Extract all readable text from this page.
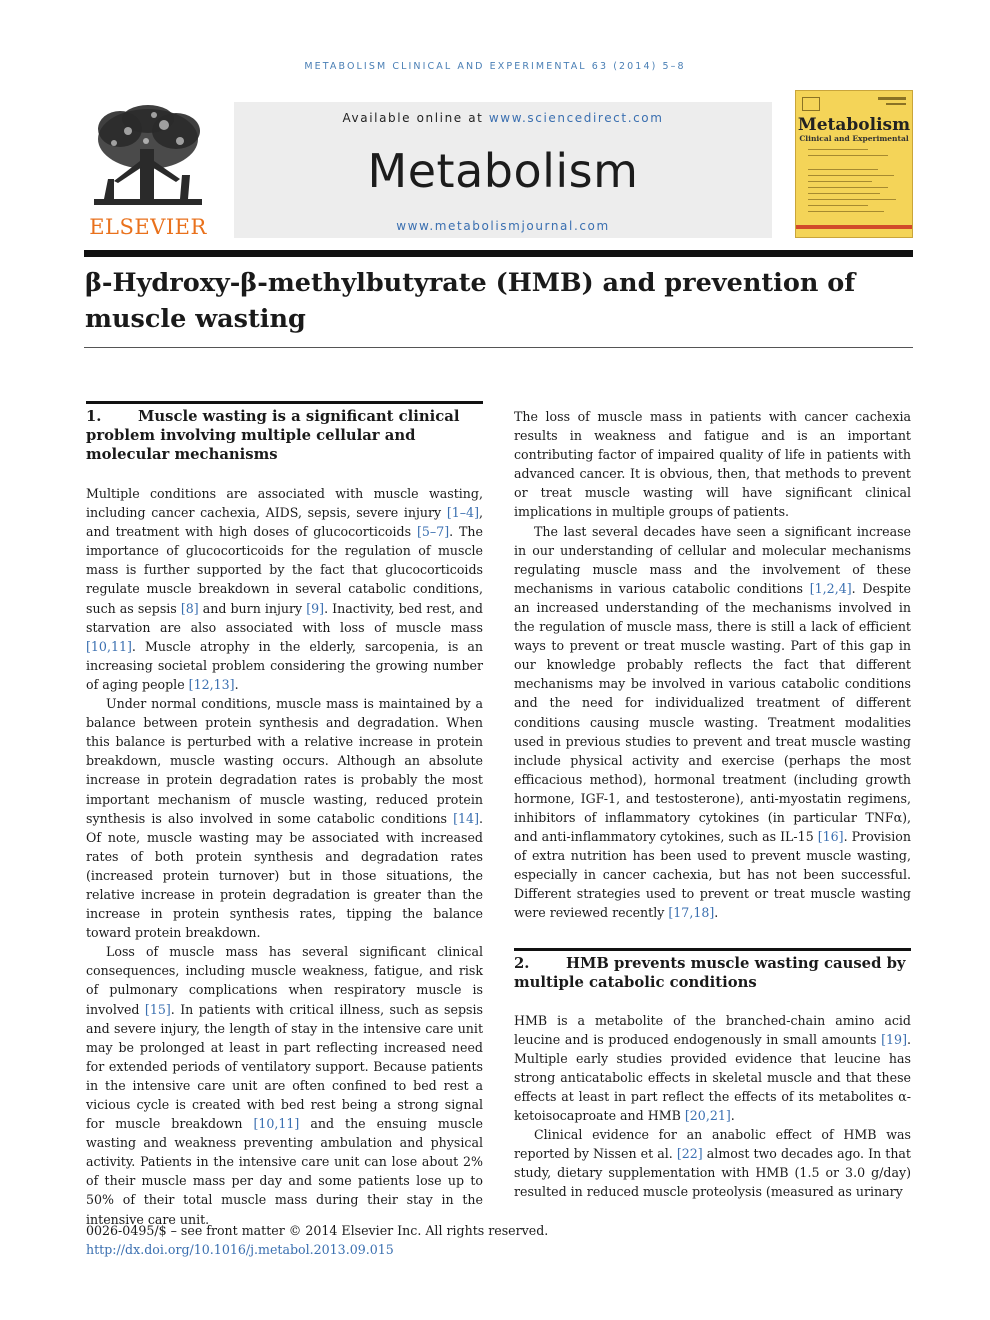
METABOLISM CLINICAL AND EXPERIMENTAL 63 (2014) 5–8
ELSEVIER
Available online at www.sciencedirect.com
Metabolism
www.metabolismjournal.com
Metabolism
Clinical and Experimental
β-Hydroxy-β-methylbutyrate (HMB) and prevention of muscle wasting
1. Muscle wasting is a significant clinical problem involving multiple cellular and molecular mechanisms

Multiple conditions are associated with muscle wasting, including cancer cachexia, AIDS, sepsis, severe injury [1–4], and treatment with high doses of glucocorticoids [5–7]. The importance of glucocorticoids for the regulation of muscle mass is further supported by the fact that glucocorticoids regulate muscle breakdown in several catabolic conditions, such as sepsis [8] and burn injury [9]. Inactivity, bed rest, and starvation are also associated with loss of muscle mass [10,11]. Muscle atrophy in the elderly, sarcopenia, is an increasing societal problem considering the growing number of aging people [12,13].

Under normal conditions, muscle mass is maintained by a balance between protein synthesis and degradation. When this balance is perturbed with a relative increase in protein breakdown, muscle wasting occurs. Although an absolute increase in protein degradation rates is probably the most important mechanism of muscle wasting, reduced protein synthesis is also involved in some catabolic conditions [14]. Of note, muscle wasting may be associated with increased rates of both protein synthesis and degradation rates (increased protein turnover) but in those situations, the relative increase in protein degradation is greater than the increase in protein synthesis rates, tipping the balance toward protein breakdown.

Loss of muscle mass has several significant clinical consequences, including muscle weakness, fatigue, and risk of pulmonary complications when respiratory muscle is involved [15]. In patients with critical illness, such as sepsis and severe injury, the length of stay in the intensive care unit may be prolonged at least in part reflecting increased need for extended periods of ventilatory support. Because patients in the intensive care unit are often confined to bed rest a vicious cycle is created with bed rest being a strong signal for muscle breakdown [10,11] and the ensuing muscle wasting and weakness preventing ambulation and physical activity. Patients in the intensive care unit can lose about 2% of their muscle mass per day and some patients lose up to 50% of their total muscle mass during their stay in the intensive care unit.

The loss of muscle mass in patients with cancer cachexia results in weakness and fatigue and is an important contributing factor of impaired quality of life in patients with advanced cancer. It is obvious, then, that methods to prevent or treat muscle wasting will have significant clinical implications in multiple groups of patients.

The last several decades have seen a significant increase in our understanding of cellular and molecular mechanisms regulating muscle mass and the involvement of these mechanisms in various catabolic conditions [1,2,4]. Despite an increased understanding of the mechanisms involved in the regulation of muscle mass, there is still a lack of efficient ways to prevent or treat muscle wasting. Part of this gap in our knowledge probably reflects the fact that different mechanisms may be involved in various catabolic conditions and the need for individualized treatment of different conditions causing muscle wasting. Treatment modalities used in previous studies to prevent and treat muscle wasting include physical activity and exercise (perhaps the most efficacious method), hormonal treatment (including growth hormone, IGF-1, and testosterone), anti-myostatin regimens, inhibitors of inflammatory cytokines (in particular TNFα), and anti-inflammatory cytokines, such as IL-15 [16]. Provision of extra nutrition has been used to prevent muscle wasting, especially in cancer cachexia, but has not been successful. Different strategies used to prevent or treat muscle wasting were reviewed recently [17,18].

2. HMB prevents muscle wasting caused by multiple catabolic conditions

HMB is a metabolite of the branched-chain amino acid leucine and is produced endogenously in small amounts [19]. Multiple early studies provided evidence that leucine has strong anticatabolic effects in skeletal muscle and that these effects at least in part reflect the effects of its metabolites α-ketoisocaproate and HMB [20,21].

Clinical evidence for an anabolic effect of HMB was reported by Nissen et al. [22] almost two decades ago. In that study, dietary supplementation with HMB (1.5 or 3.0 g/day) resulted in reduced muscle proteolysis (measured as urinary

0026-0495/$ – see front matter © 2014 Elsevier Inc. All rights reserved.
http://dx.doi.org/10.1016/j.metabol.2013.09.015
